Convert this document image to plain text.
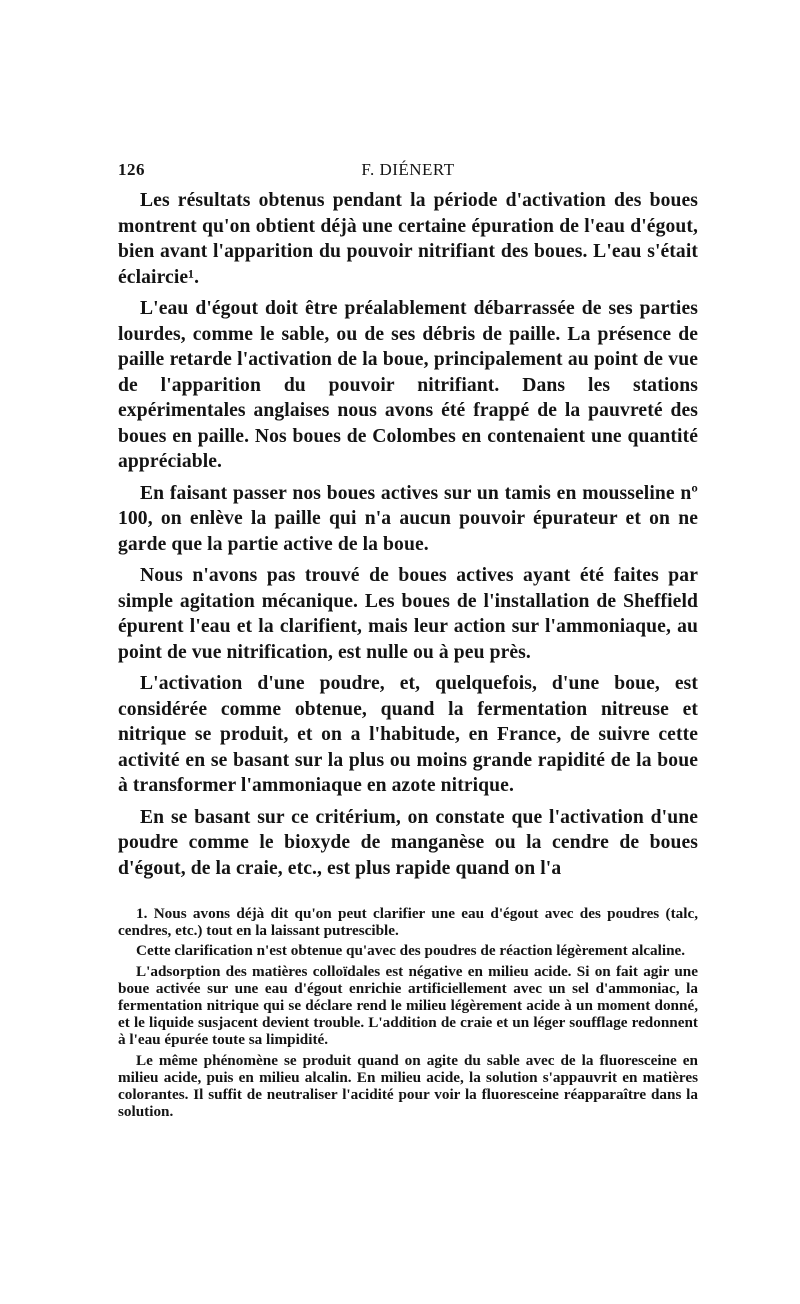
126	F. DIÉNERT

Les résultats obtenus pendant la période d'activation des boues montrent qu'on obtient déjà une certaine épuration de l'eau d'égout, bien avant l'apparition du pouvoir nitrifiant des boues. L'eau s'était éclaircie¹.

L'eau d'égout doit être préalablement débarrassée de ses parties lourdes, comme le sable, ou de ses débris de paille. La présence de paille retarde l'activation de la boue, principalement au point de vue de l'apparition du pouvoir nitrifiant. Dans les stations expérimentales anglaises nous avons été frappé de la pauvreté des boues en paille. Nos boues de Colombes en contenaient une quantité appréciable.

En faisant passer nos boues actives sur un tamis en mousseline nº 100, on enlève la paille qui n'a aucun pouvoir épurateur et on ne garde que la partie active de la boue.

Nous n'avons pas trouvé de boues actives ayant été faites par simple agitation mécanique. Les boues de l'installation de Sheffield épurent l'eau et la clarifient, mais leur action sur l'ammoniaque, au point de vue nitrification, est nulle ou à peu près.

L'activation d'une poudre, et, quelquefois, d'une boue, est considérée comme obtenue, quand la fermentation nitreuse et nitrique se produit, et on a l'habitude, en France, de suivre cette activité en se basant sur la plus ou moins grande rapidité de la boue à transformer l'ammoniaque en azote nitrique.

En se basant sur ce critérium, on constate que l'activation d'une poudre comme le bioxyde de manganèse ou la cendre de boues d'égout, de la craie, etc., est plus rapide quand on l'a

1. Nous avons déjà dit qu'on peut clarifier une eau d'égout avec des poudres (talc, cendres, etc.) tout en la laissant putrescible.

Cette clarification n'est obtenue qu'avec des poudres de réaction légèrement alcaline.

L'adsorption des matières colloïdales est négative en milieu acide. Si on fait agir une boue activée sur une eau d'égout enrichie artificiellement avec un sel d'ammoniac, la fermentation nitrique qui se déclare rend le milieu légèrement acide à un moment donné, et le liquide susjacent devient trouble. L'addition de craie et un léger soufflage redonnent à l'eau épurée toute sa limpidité.

Le même phénomène se produit quand on agite du sable avec de la fluoresceine en milieu acide, puis en milieu alcalin. En milieu acide, la solution s'appauvrit en matières colorantes. Il suffit de neutraliser l'acidité pour voir la fluoresceine réapparaître dans la solution.
